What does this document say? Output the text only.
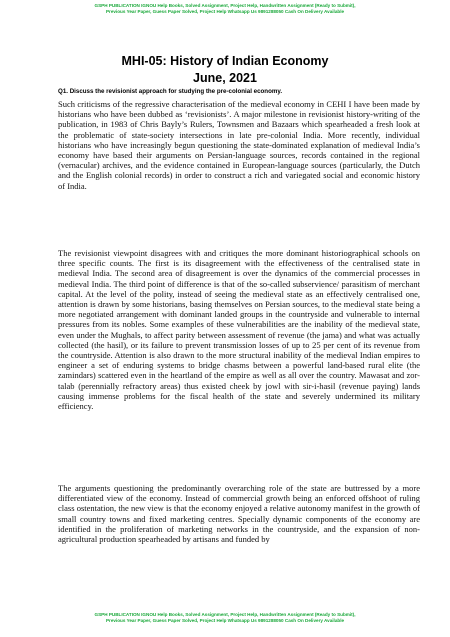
GSPH PUBLICATION IGNOU Help Books, Solved Assignment, Project Help, Handwritten Assignment (Ready to Submit),
Previous Year Paper, Guess Paper Solved, Project Help Whatsapp Us 9891288050 Cash On Delivery Available
MHI-05: History of Indian Economy
June, 2021
Q1. Discuss the revisionist approach for studying the pre-colonial economy.

Such criticisms of the regressive characterisation of the medieval economy in CEHI I have been made by historians who have been dubbed as ‘revisionists’. A major milestone in revisionist history-writing of the publication, in 1983 of Chris Bayly’s Rulers, Townsmen and Bazaars which spearheaded a fresh look at the problematic of state-society intersections in late pre-colonial India. More recently, individual historians who have increasingly begun questioning the state-dominated explanation of medieval India’s economy have based their arguments on Persian-language sources, records contained in the regional (vernacular) archives, and the evidence contained in European-language sources (particularly, the Dutch and the English colonial records) in order to construct a rich and variegated social and economic history of India.

The revisionist viewpoint disagrees with and critiques the more dominant historiographical schools on three specific counts. The first is its disagreement with the effectiveness of the centralised state in medieval India. The second area of disagreement is over the dynamics of the commercial processes in medieval India. The third point of difference is that of the so-called subservience/ parasitism of merchant capital. At the level of the polity, instead of seeing the medieval state as an effectively centralised one, attention is drawn by some historians, basing themselves on Persian sources, to the medieval state being a more negotiated arrangement with dominant landed groups in the countryside and vulnerable to internal pressures from its nobles. Some examples of these vulnerabilities are the inability of the medieval state, even under the Mughals, to affect parity between assessment of revenue (the jama) and what was actually collected (the hasil), or its failure to prevent transmission losses of up to 25 per cent of its revenue from the countryside. Attention is also drawn to the more structural inability of the medieval Indian empires to engineer a set of enduring systems to bridge chasms between a powerful land-based rural elite (the zamindars) scattered even in the heartland of the empire as well as all over the country. Mawasat and zor-talab (perennially refractory areas) thus existed cheek by jowl with sir-i-hasil (revenue paying) lands causing immense problems for the fiscal health of the state and severely undermined its military efficiency.

The arguments questioning the predominantly overarching role of the state are buttressed by a more differentiated view of the economy. Instead of commercial growth being an enforced offshoot of ruling class ostentation, the new view is that the economy enjoyed a relative autonomy manifest in the growth of small country towns and fixed marketing centres. Specially dynamic components of the economy are identified in the proliferation of marketing networks in the countryside, and the expansion of non-agricultural production spearheaded by artisans and funded by

GSPH PUBLICATION IGNOU Help Books, Solved Assignment, Project Help, Handwritten Assignment (Ready to Submit),
Previous Year Paper, Guess Paper Solved, Project Help Whatsapp Us 9891288050 Cash On Delivery Available
